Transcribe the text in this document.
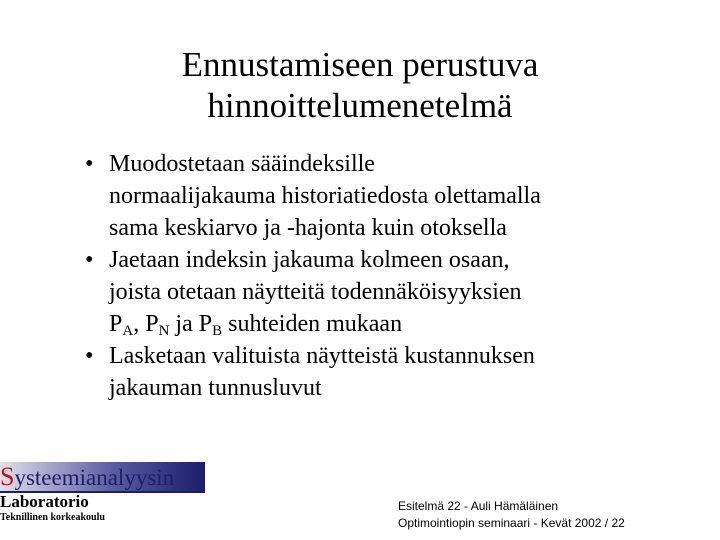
Ennustamiseen perustuva
hinnoittelumenetelmä
• Muodostetaan sääindeksille
normaalijakauma historiatiedosta olettamalla
sama keskiarvo ja -hajonta kuin otoksella
• Jaetaan indeksin jakauma kolmeen osaan,
joista otetaan näytteitä todennäköisyyksien
$P_A$, $P_N$ ja $P_B$ suhteiden mukaan
• Lasketaan valituista näytteistä kustannuksen
jakauman tunnusluvut
Systeemianalyysin
Laboratorio
Teknillinen korkeakoulu
Esitelmä 22 - Auli Hämäläinen
Optimointiopin seminaari - Kevät 2002 / 22
